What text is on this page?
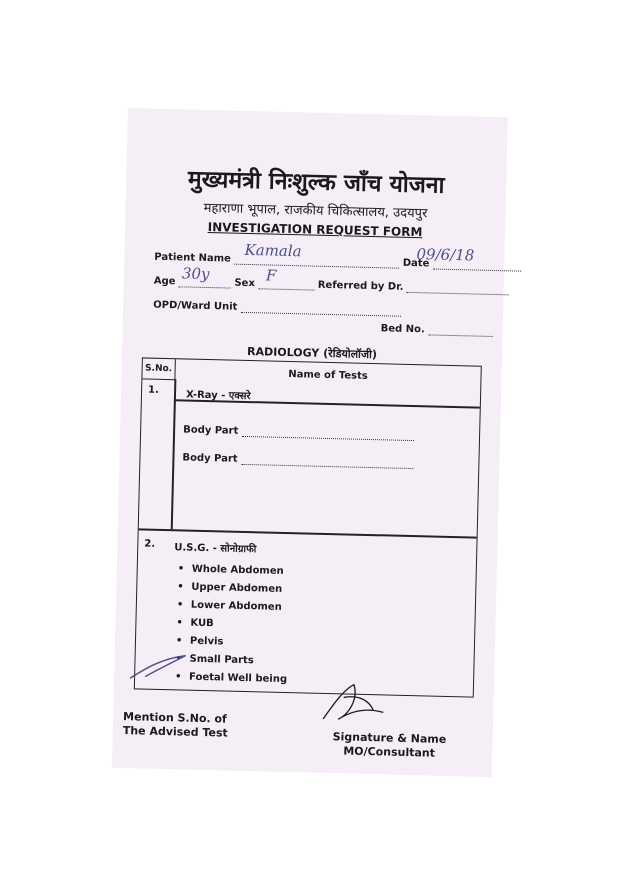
मुख्यमंत्री निःशुल्क जाँच योजना
महाराणा भूपाल, राजकीय चिकित्सालय, उदयपुर
INVESTIGATION REQUEST FORM
Patient Name	Date
Kamala	09/6/18
Age	Sex	Referred by Dr.
30y	F
OPD/Ward Unit
Bed No.
RADIOLOGY (रेडियोलॉजी)
S.No.
Name of Tests
1.	X-Ray - एक्सरे
Body Part
Body Part
2. U.S.G. - सोनोग्राफी
• Whole Abdomen
• Upper Abdomen
• Lower Abdomen
• KUB
• Pelvis
• Small Parts
• Foetal Well being
Mention S.No. of
The Advised Test	Signature & Name
MO/Consultant
